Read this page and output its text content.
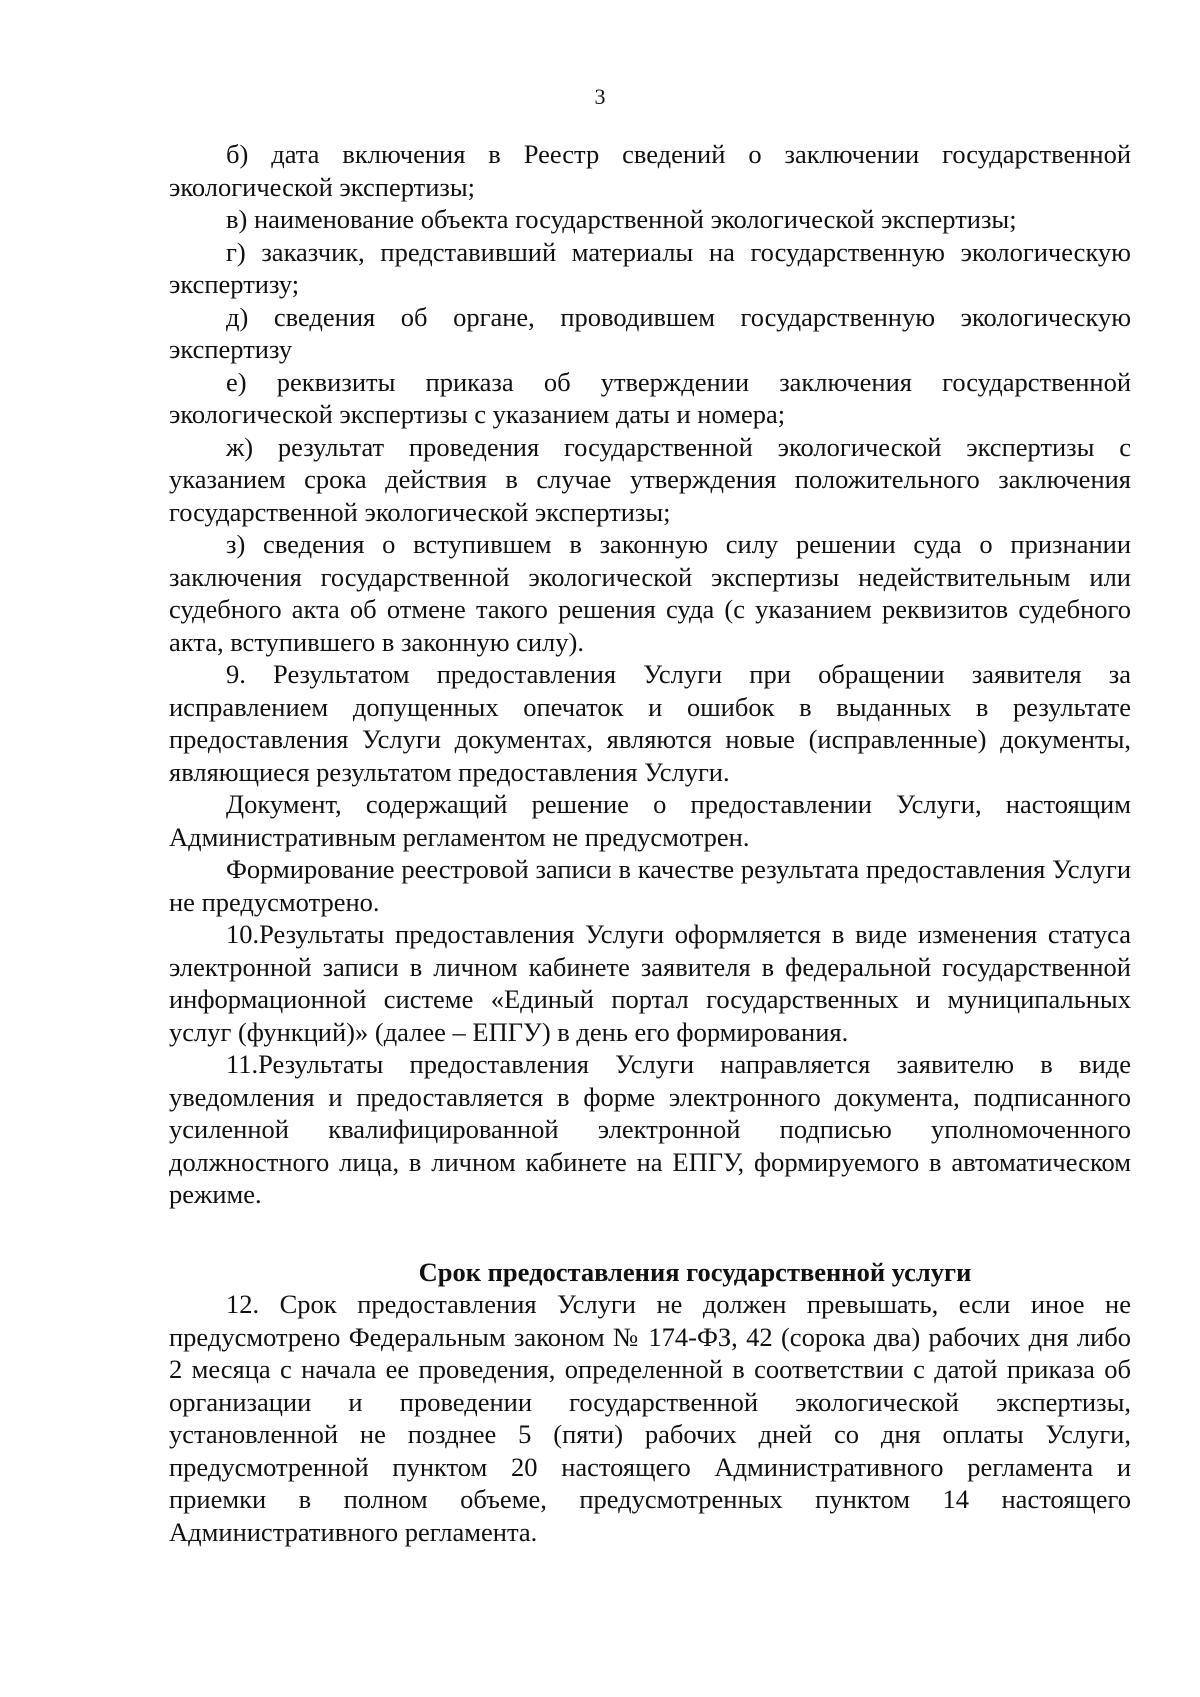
3

б) дата включения в Реестр сведений о заключении государственной экологической экспертизы;

в) наименование объекта государственной экологической экспертизы;

г) заказчик, представивший материалы на государственную экологическую экспертизу;

д) сведения об органе, проводившем государственную экологическую экспертизу

е) реквизиты приказа об утверждении заключения государственной экологической экспертизы с указанием даты и номера;

ж) результат проведения государственной экологической экспертизы с указанием срока действия в случае утверждения положительного заключения государственной экологической экспертизы;

з) сведения о вступившем в законную силу решении суда о признании заключения государственной экологической экспертизы недействительным или судебного акта об отмене такого решения суда (с указанием реквизитов судебного акта, вступившего в законную силу).

9. Результатом предоставления Услуги при обращении заявителя за исправлением допущенных опечаток и ошибок в выданных в результате предоставления Услуги документах, являются новые (исправленные) документы, являющиеся результатом предоставления Услуги.

Документ, содержащий решение о предоставлении Услуги, настоящим Административным регламентом не предусмотрен.

Формирование реестровой записи в качестве результата предоставления Услуги не предусмотрено.

10.Результаты предоставления Услуги оформляется в виде изменения статуса электронной записи в личном кабинете заявителя в федеральной государственной информационной системе «Единый портал государственных и муниципальных услуг (функций)» (далее – ЕПГУ) в день его формирования.

11.Результаты предоставления Услуги направляется заявителю в виде уведомления и предоставляется в форме электронного документа, подписанного усиленной квалифицированной электронной подписью уполномоченного должностного лица, в личном кабинете на ЕПГУ, формируемого в автоматическом режиме.

Срок предоставления государственной услуги

12. Срок предоставления Услуги не должен превышать, если иное не предусмотрено Федеральным законом № 174-ФЗ, 42 (сорока два) рабочих дня либо 2 месяца с начала ее проведения, определенной в соответствии с датой приказа об организации и проведении государственной экологической экспертизы, установленной не позднее 5 (пяти) рабочих дней со дня оплаты Услуги, предусмотренной пунктом 20 настоящего Административного регламента и приемки в полном объеме, предусмотренных пунктом 14 настоящего Административного регламента.
